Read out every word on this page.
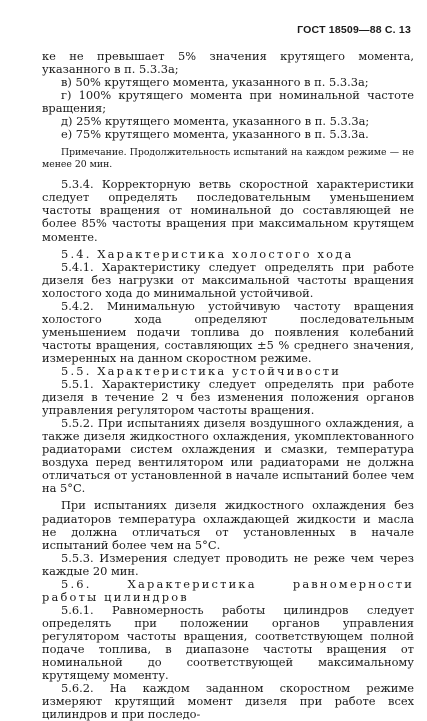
ГОСТ 18509—88 С. 13

ке не превышает 5% значения крутящего момента, указанного в п. 5.3.3а;

в) 50% крутящего момента, указанного в п. 5.3.3а;

г) 100% крутящего момента при номинальной частоте вращения;

д) 25% крутящего момента, указанного в п. 5.3.3а;

е) 75% крутящего момента, указанного в п. 5.3.3а.

Примечание. Продолжительность испытаний на каждом режиме — не менее 20 мин.

5.3.4. Корректорную ветвь скоростной характеристики следует определять последовательным уменьшением частоты вращения от номинальной до составляющей не более 85% частоты вращения при максимальном крутящем моменте.

5.4. Характеристика холостого хода

5.4.1. Характеристику следует определять при работе дизеля без нагрузки от максимальной частоты вращения холостого хода до минимальной устойчивой.

5.4.2. Минимальную устойчивую частоту вращения холостого хода определяют последовательным уменьшением подачи топлива до появления колебаний частоты вращения, составляющих ±5 % среднего значения, измеренных на данном скоростном режиме.

5.5. Характеристика устойчивости

5.5.1. Характеристику следует определять при работе дизеля в течение 2 ч без изменения положения органов управления регулятором частоты вращения.

5.5.2. При испытаниях дизеля воздушного охлаждения, а также дизеля жидкостного охлаждения, укомплектованного радиаторами систем охлаждения и смазки, температура воздуха перед вентилятором или радиаторами не должна отличаться от установленной в начале испытаний более чем на 5°С.

При испытаниях дизеля жидкостного охлаждения без радиаторов температура охлаждающей жидкости и масла не должна отличаться от установленных в начале испытаний более чем на 5°С.

5.5.3. Измерения следует проводить не реже чем через каждые 20 мин.

5.6. Характеристика равномерности работы цилиндров

5.6.1. Равномерность работы цилиндров следует определять при положении органов управления регулятором частоты вращения, соответствующем полной подаче топлива, в диапазоне частоты вращения от номинальной до соответствующей максимальному крутящему моменту.

5.6.2. На каждом заданном скоростном режиме измеряют крутящий момент дизеля при работе всех цилиндров и при последо-
